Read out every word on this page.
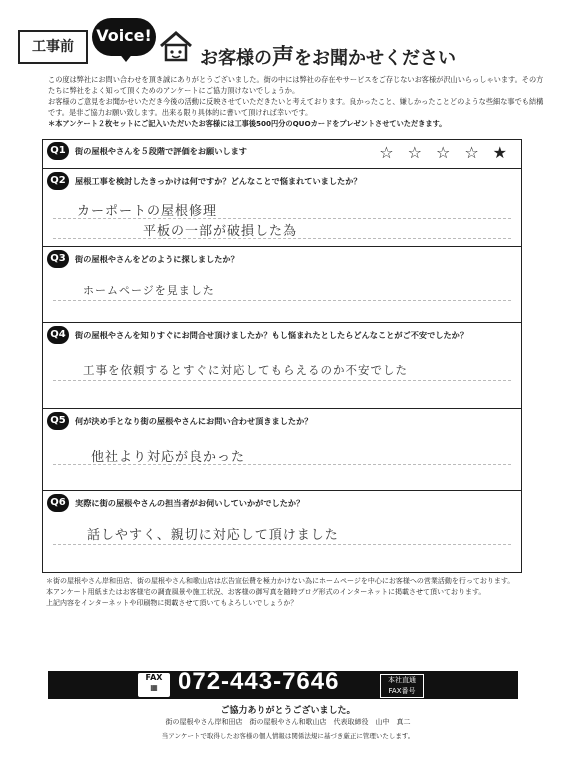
工事前
Voice!
お客様の声をお聞かせください
この度は弊社にお問い合わせを頂き誠にありがとうございました。街の中には弊社の存在やサービスをご存じないお客様が沢山いらっしゃいます。その方たちに弊社をよく知って頂くためのアンケートにご協力頂けないでしょうか。
お客様のご意見をお聞かせいただき今後の活動に反映させていただきたいと考えております。良かったこと、嫌しかったことどのような些細な事でも結構です。是非ご協力お願い致します。出来る限り具体的に書いて頂ければ幸いです。
＊本アンケート２枚セットにご記入いただいたお客様には工事後500円分のQUOカードをプレゼントさせていただきます。
Q1	街の屋根やさんを５段階で評価をお願いします	☆ ☆ ☆ ☆ ★
Q2	屋根工事を検討したきっかけは何ですか？どんなことで悩まれていましたか？
カーポートの屋根修理
平板の一部が破損した為
Q3	街の屋根やさんをどのように探しましたか？
ホームページを見ました
Q4	街の屋根やさんを知りすぐにお問合せ頂けましたか？もし悩まれたとしたらどんなことがご不安でしたか？
工事を依頼するとすぐに対応してもらえるのか不安でした
Q5	何が決め手となり街の屋根やさんにお問い合わせ頂きましたか？
他社より対応が良かった
Q6	実際に街の屋根やさんの担当者がお伺いしていかがでしたか？
話しやすく、親切に対応して頂けました
＊街の屋根やさん岸和田店、街の屋根やさん和歌山店は広告宣伝費を極力かけない為にホームページを中心にお客様への営業活動を行っております。
本アンケート用紙またはお客様宅の調査風景や施工状況、お客様の御写真を随時ブログ形式のインターネットに掲載させて頂いております。
上記内容をインターネットや印刷物に掲載させて頂いてもよろしいでしょうか？
FAX
▦ 072-443-7646	本社直通
FAX番号
ご協力ありがとうございました。
街の屋根やさん岸和田店　街の屋根やさん和歌山店　代表取締役　山中　真二
当アンケートで取得したお客様の個人情報は関係法規に基づき厳正に管理いたします。
